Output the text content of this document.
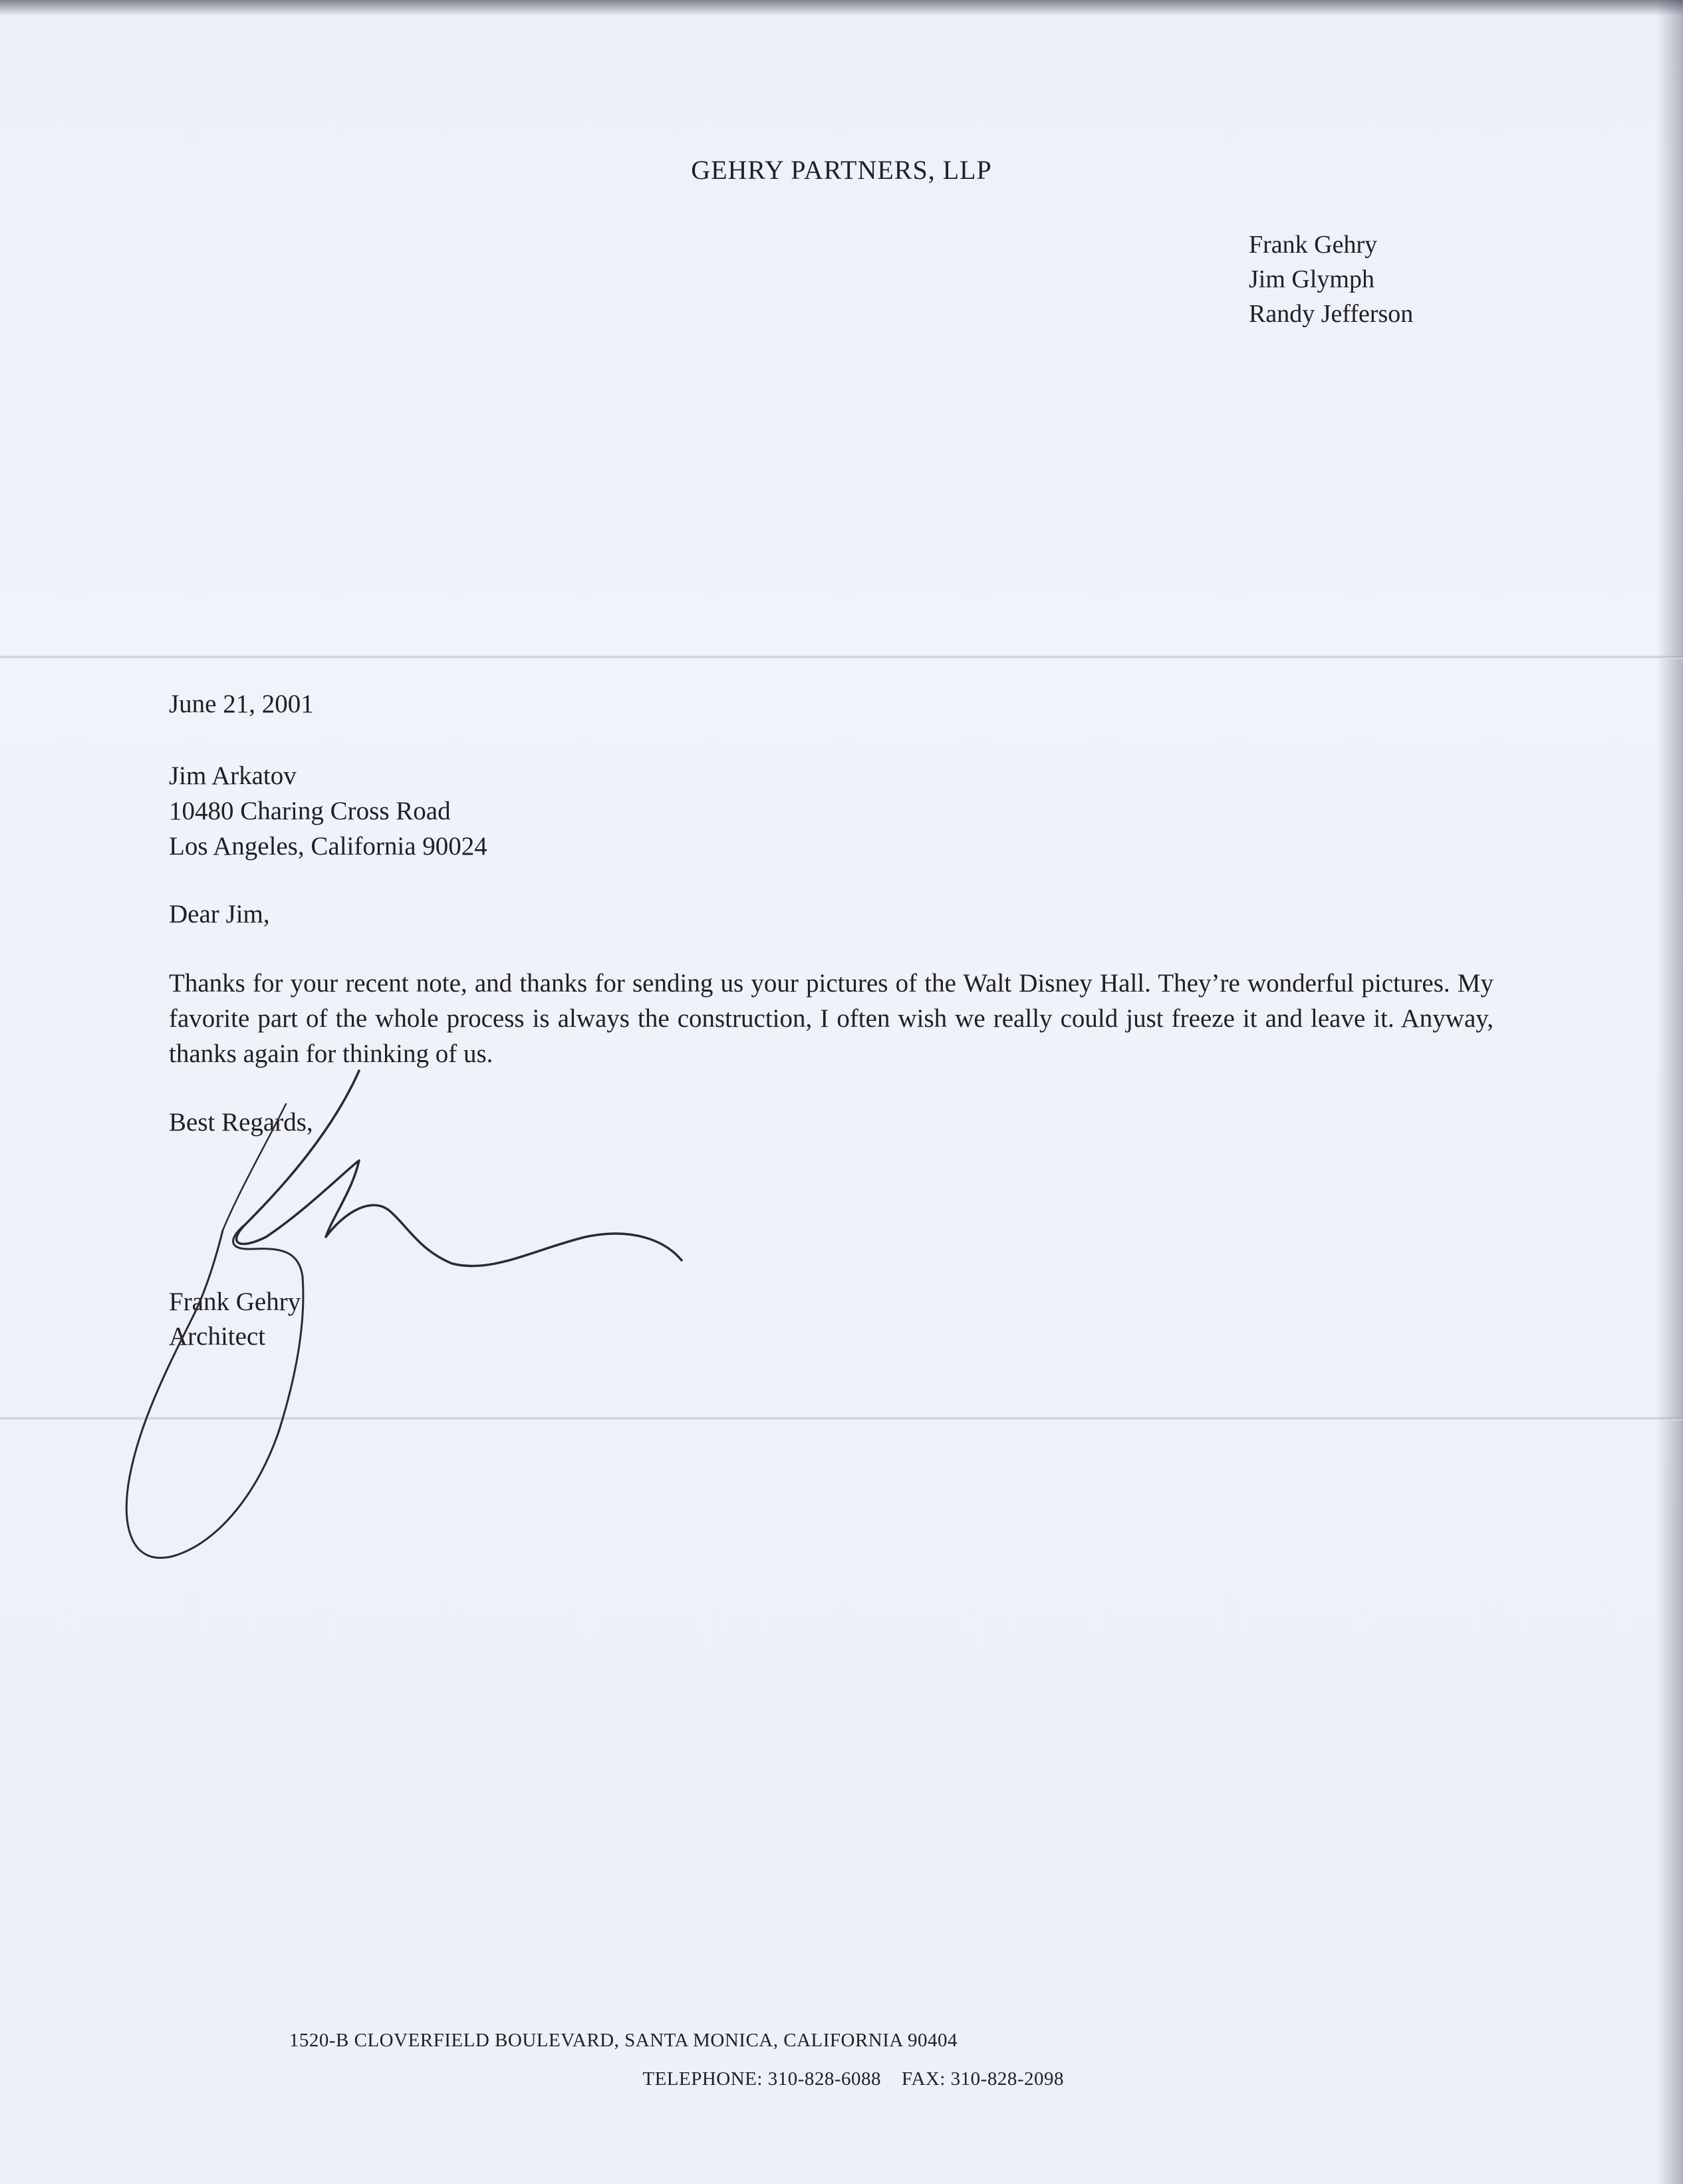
GEHRY PARTNERS, LLP
Frank Gehry
Jim Glymph
Randy Jefferson
June 21, 2001
Jim Arkatov
10480 Charing Cross Road
Los Angeles, California 90024
Dear Jim,
Thanks for your recent note, and thanks for sending us your pictures of the Walt Disney Hall. They’re wonderful pictures. My favorite part of the whole process is always the construction, I often wish we really could just freeze it and leave it. Anyway, thanks again for thinking of us.
Best Regards,
Frank Gehry
Architect
1520-B CLOVERFIELD BOULEVARD, SANTA MONICA, CALIFORNIA 90404
TELEPHONE: 310-828-6088    FAX: 310-828-2098
